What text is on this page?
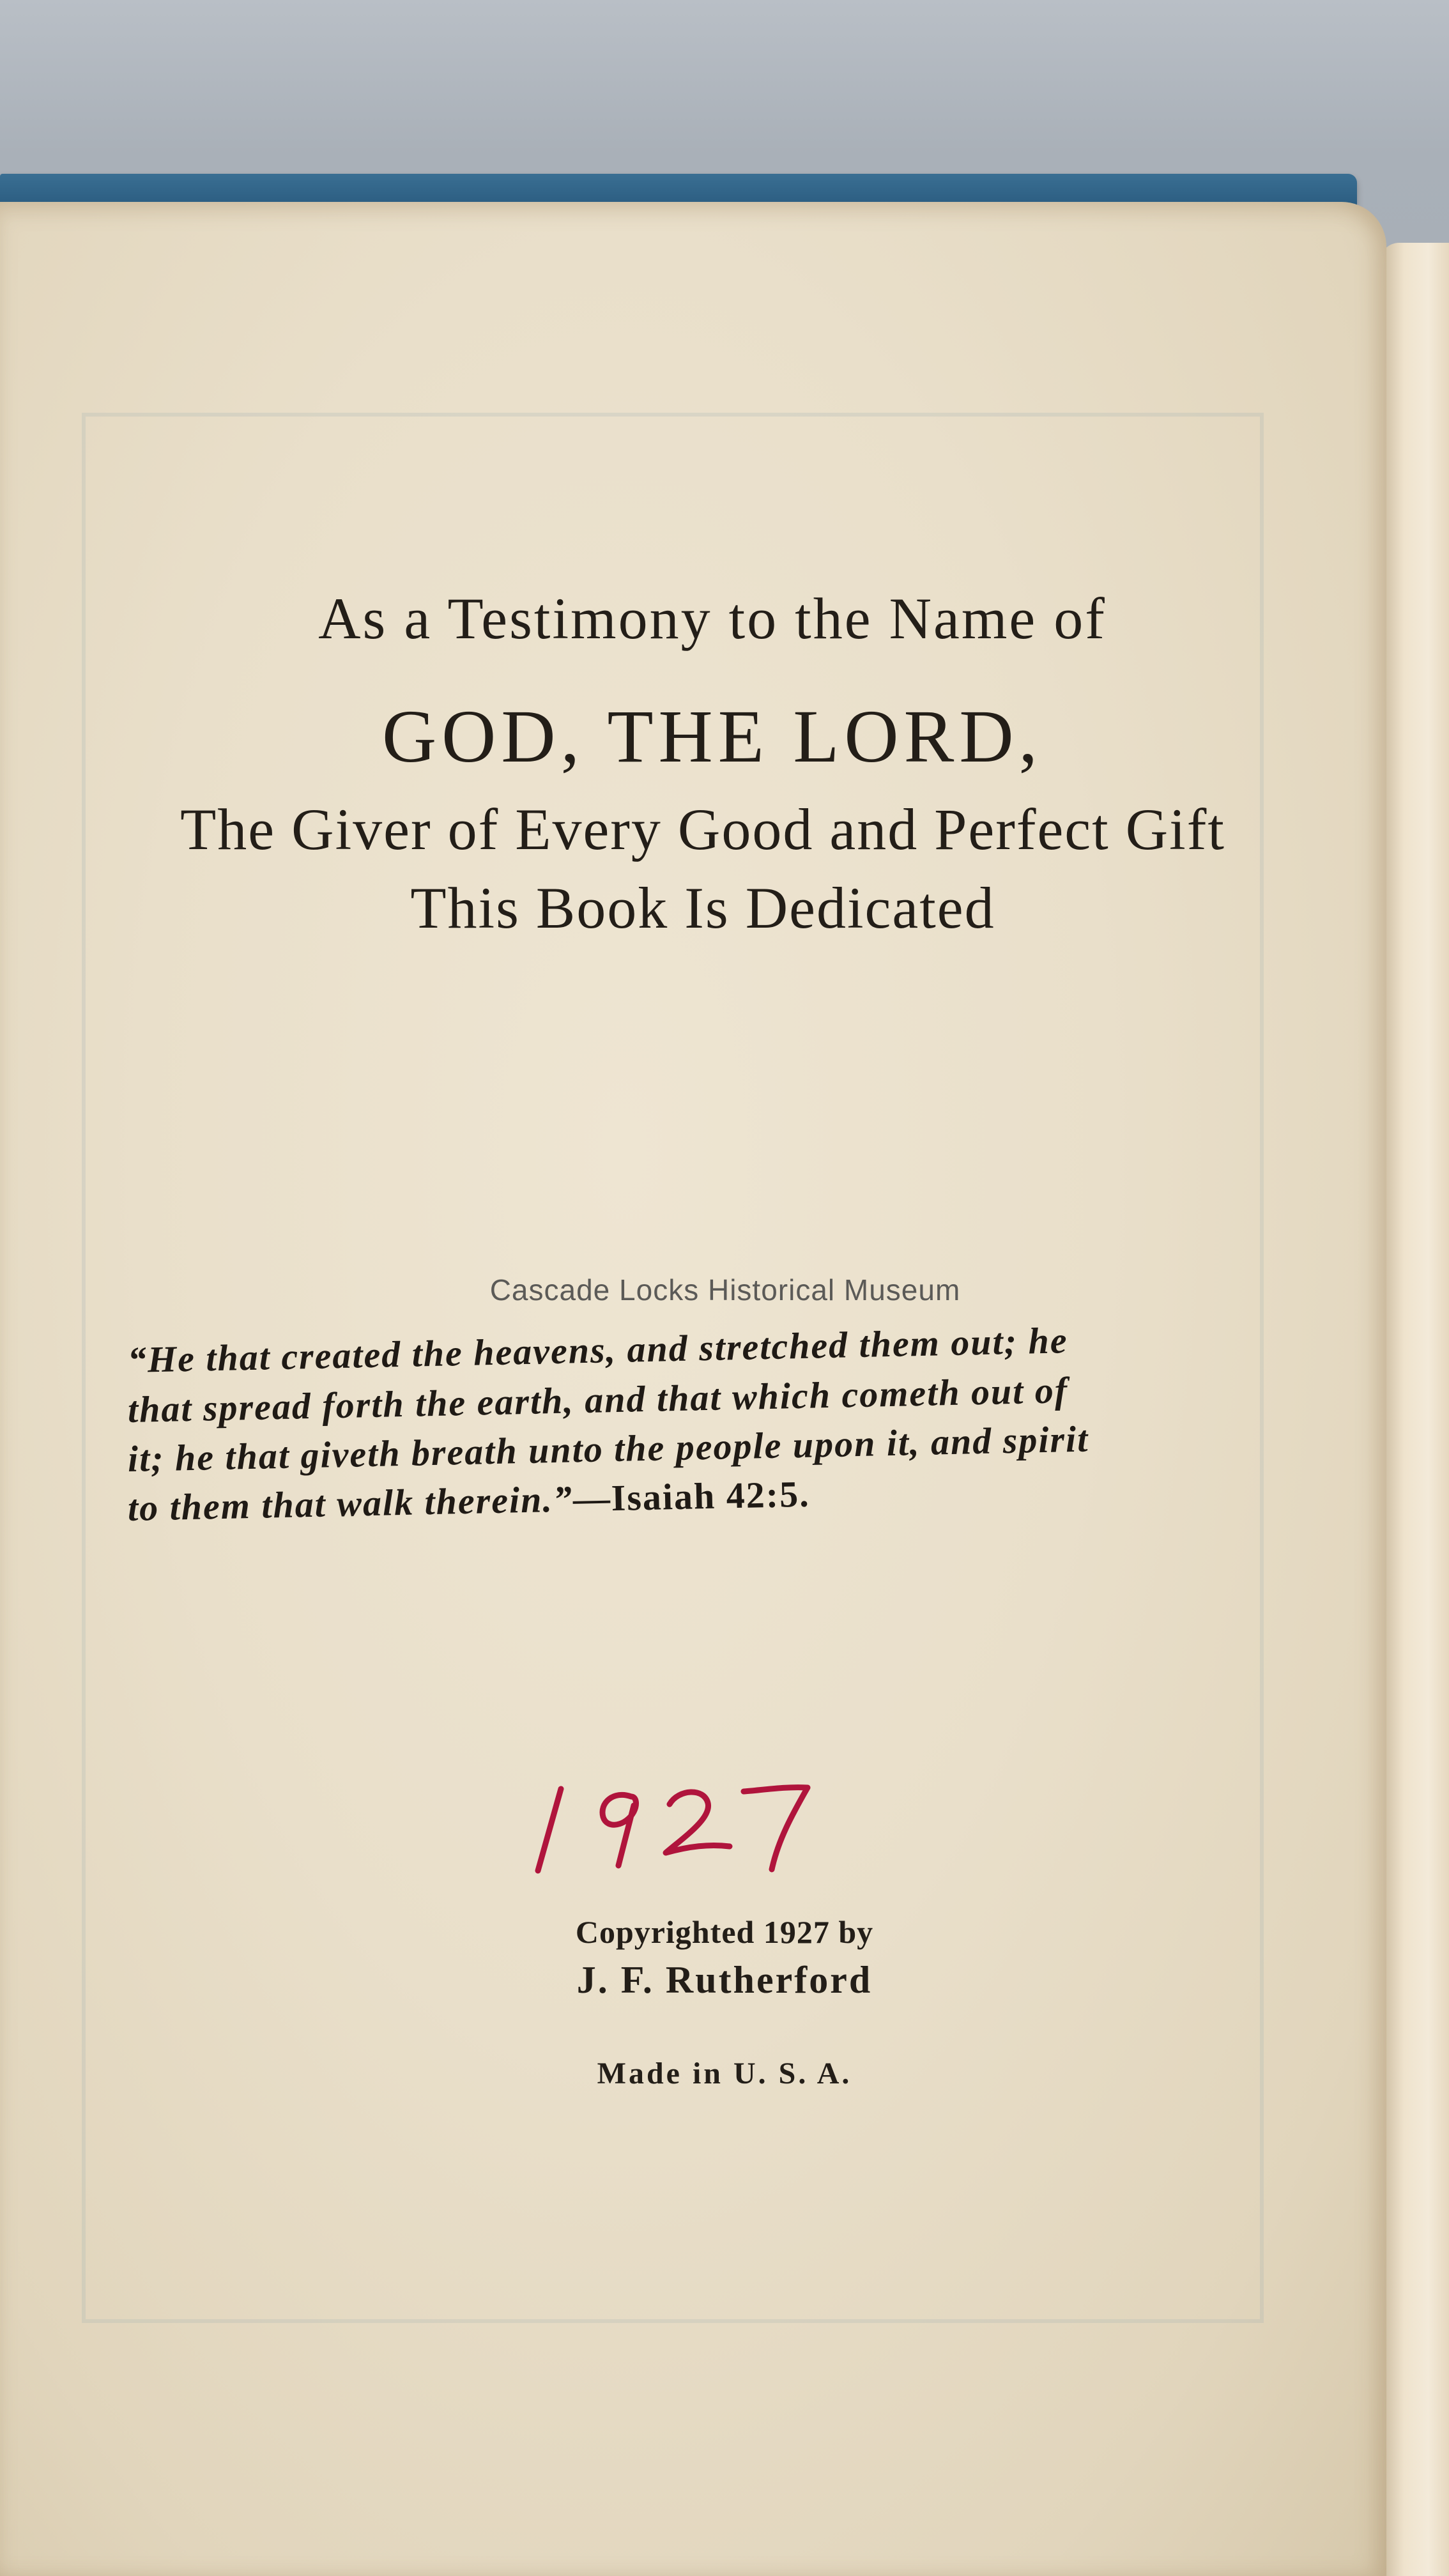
As a Testimony to the Name of
GOD, THE LORD,
The Giver of Every Good and Perfect Gift
This Book Is Dedicated
Cascade Locks Historical Museum
“He that created the heavens, and stretched them out; he
that spread forth the earth, and that which cometh out of
it; he that giveth breath unto the people upon it, and spirit
to them that walk therein.”—Isaiah 42:5.
Copyrighted 1927 by
J. F. Rutherford
Made in U. S. A.
